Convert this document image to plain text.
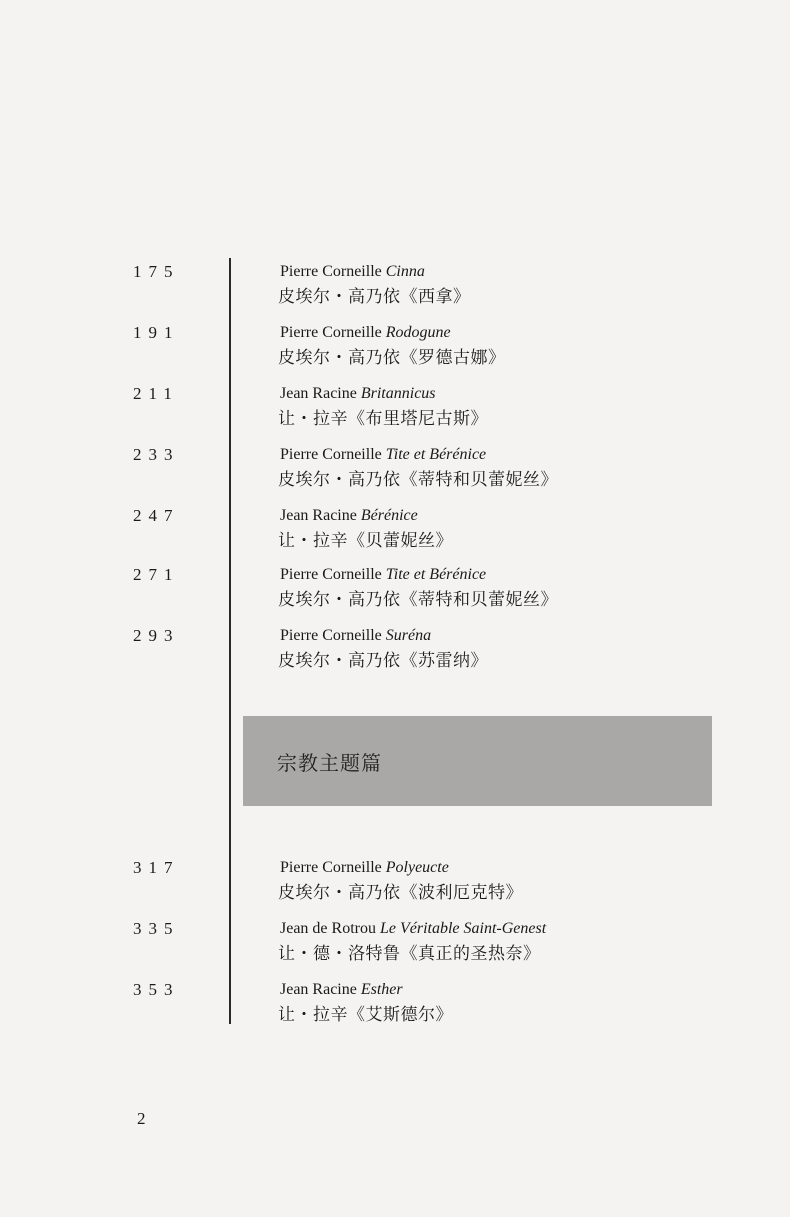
175	Pierre Corneille Cinna
皮埃尔・高乃依《西拿》
191	Pierre Corneille Rodogune
皮埃尔・高乃依《罗德古娜》
211	Jean Racine Britannicus
让・拉辛《布里塔尼古斯》
233	Pierre Corneille Tite et Bérénice
皮埃尔・高乃依《蒂特和贝蕾妮丝》
247	Jean Racine Bérénice
让・拉辛《贝蕾妮丝》
271	Pierre Corneille Tite et Bérénice
皮埃尔・高乃依《蒂特和贝蕾妮丝》
293	Pierre Corneille Suréna
皮埃尔・高乃依《苏雷纳》
宗教主题篇
317	Pierre Corneille Polyeucte
皮埃尔・高乃依《波利厄克特》
335	Jean de Rotrou Le Véritable Saint-Genest
让・德・洛特鲁《真正的圣热奈》
353	Jean Racine Esther
让・拉辛《艾斯德尔》
2
